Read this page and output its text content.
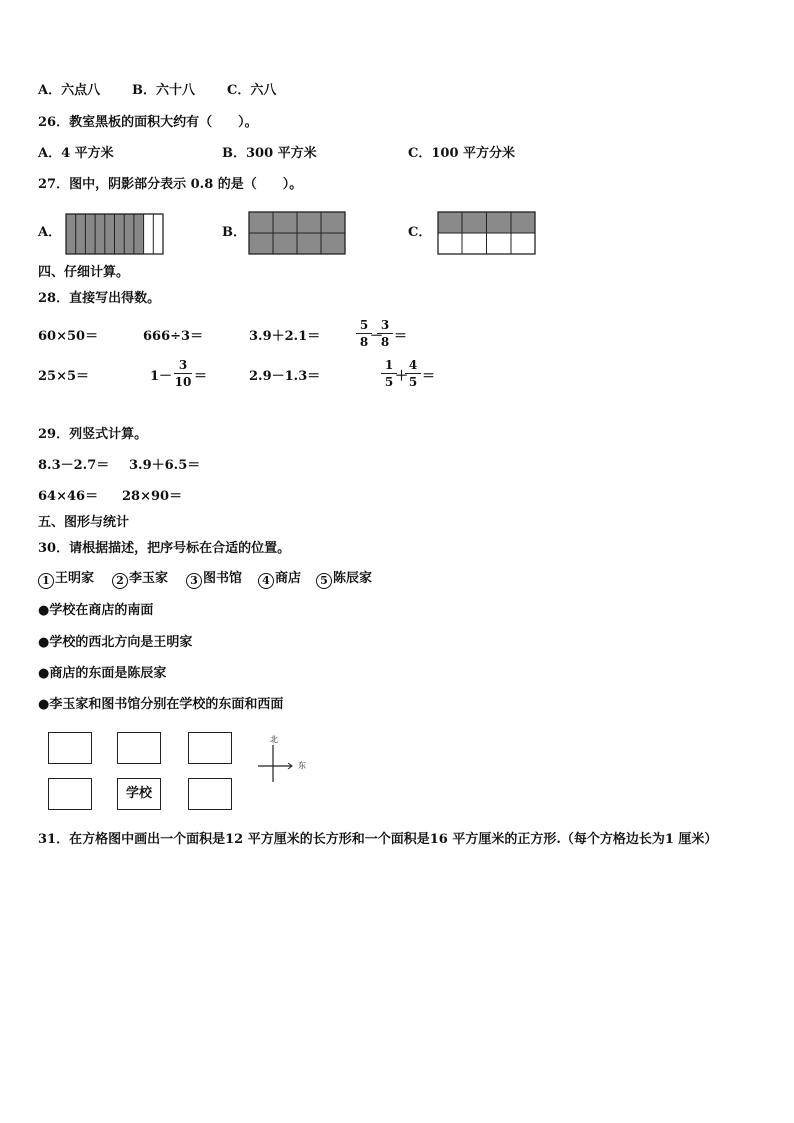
A．六点八 B．六十八 C．六八
26．教室黑板的面积大约有（　　）。
A．4 平方米	B．300 平方米	C．100 平方分米
27．图中，阴影部分表示 0.8 的是（　　）。
A．	B．	C．
四、仔细计算。
28．直接写出得数。
60×50＝	666÷3＝	3.9＋2.1＝
5
8 －
3
8 ＝
25×5＝	1－
3
10 ＝	2.9－1.3＝
1
5 ＋
4
5 ＝
29．列竖式计算。
8.3－2.7＝ 3.9＋6.5＝
64×46＝ 28×90＝
五、图形与统计
30．请根据描述，把序号标在合适的位置。
1 王明家	2 李玉家	3 图书馆	4 商店	5 陈辰家
●学校在商店的南面
●学校的西北方向是王明家
●商店的东面是陈辰家
●李玉家和图书馆分别在学校的东面和西面
学校
北
东
31．在方格图中画出一个面积是12 平方厘米的长方形和一个面积是16 平方厘米的正方形.（每个方格边长为1 厘米）
